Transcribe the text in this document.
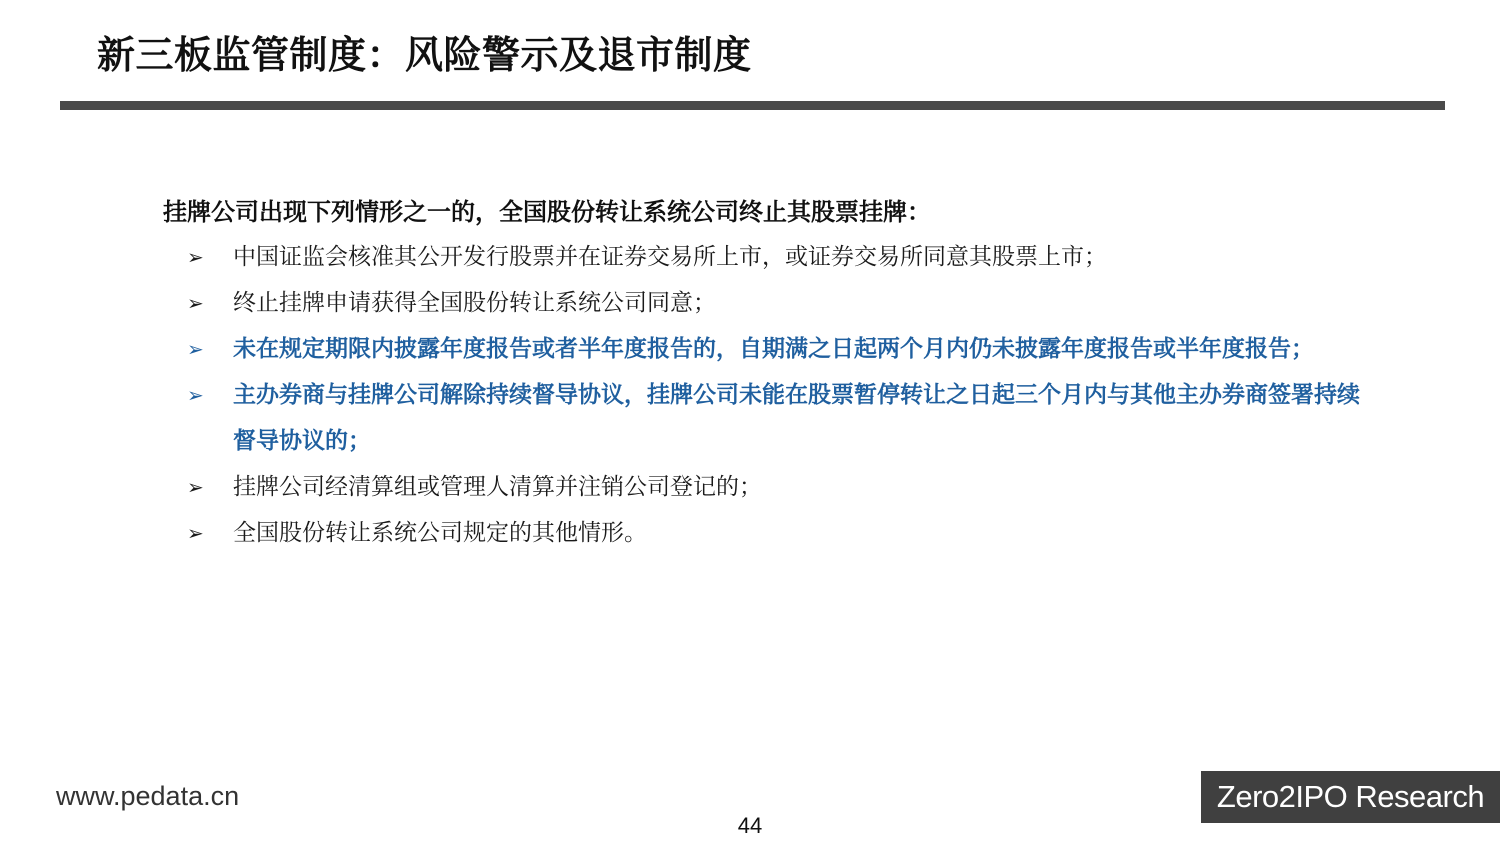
新三板监管制度：风险警示及退市制度
挂牌公司出现下列情形之一的，全国股份转让系统公司终止其股票挂牌：
➢	中国证监会核准其公开发行股票并在证券交易所上市，或证券交易所同意其股票上市；
➢	终止挂牌申请获得全国股份转让系统公司同意；
➢	未在规定期限内披露年度报告或者半年度报告的，自期满之日起两个月内仍未披露年度报告或半年度报告；
➢	主办券商与挂牌公司解除持续督导协议，挂牌公司未能在股票暂停转让之日起三个月内与其他主办券商签署持续督导协议的；
➢	挂牌公司经清算组或管理人清算并注销公司登记的；
➢	全国股份转让系统公司规定的其他情形。
www.pedata.cn
44
Zero2IPO Research
